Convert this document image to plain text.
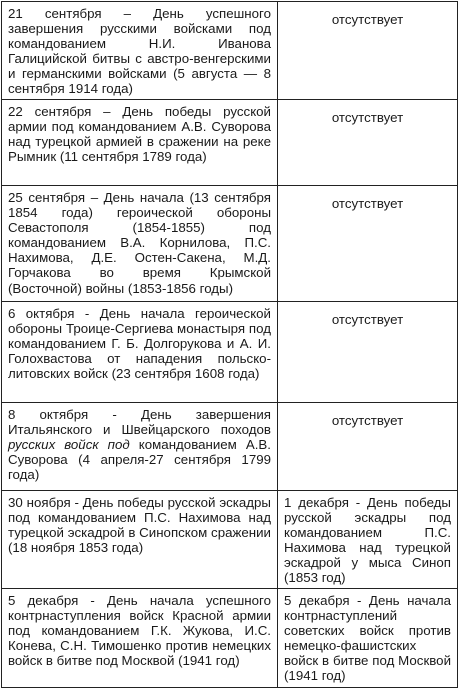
21 сентября – День успешного завершения русскими войсками под командованием Н.И. Иванова Галицийской битвы с австро-венгерскими и германскими войсками (5 августа — 8 сентября 1914 года)	отсутствует

22 сентября – День победы русской армии под командованием А.В. Суворова над турецкой армией в сражении на реке Рымник (11 сентября 1789 года)	отсутствует

25 сентября – День начала (13 сентября 1854 года) героической обороны Севастополя (1854-1855) под командованием В.А. Корнилова, П.С. Нахимова, Д.Е. Остен-Сакена, М.Д. Горчакова во время Крымской (Восточной) войны (1853-1856 годы)	отсутствует

6 октября - День начала героической обороны Троице-Сергиева монастыря под командованием Г. Б. Долгорукова и А. И. Голохвастова от нападения польско-литовских войск (23 сентября 1608 года)	отсутствует

8 октября - День завершения Итальянского и Швейцарского походов русских войск под командованием А.В. Суворова (4 апреля-27 сентября 1799 года)	отсутствует

30 ноября - День победы русской эскадры под командованием П.С. Нахимова над турецкой эскадрой в Синопском сражении (18 ноября 1853 года)	1 декабря - День победы русской эскадры под командованием П.С. Нахимова над турецкой эскадрой у мыса Синоп (1853 год)

5 декабря - День начала успешного контрнаступления войск Красной армии под командованием Г.К. Жукова, И.С. Конева, С.Н. Тимошенко против немецких войск в битве под Москвой (1941 год)	5 декабря - День начала контрнаступлений советских войск против немецко-фашистских войск в битве под Москвой (1941 год)
